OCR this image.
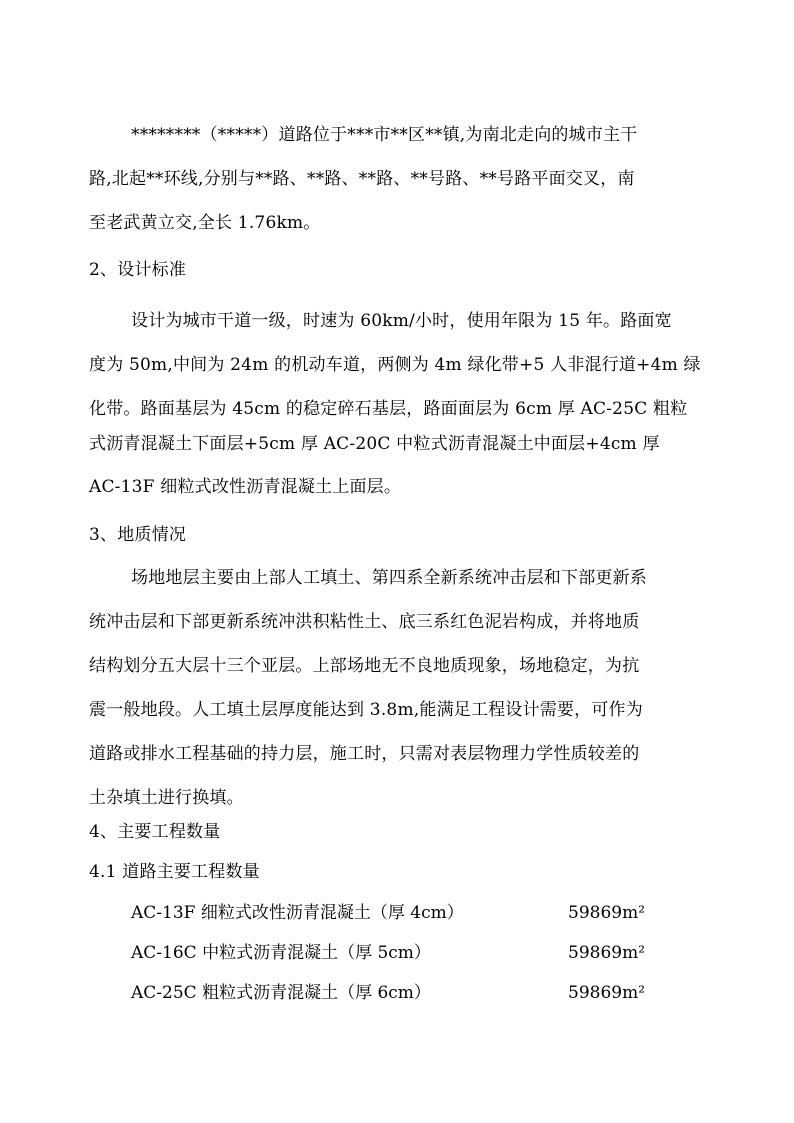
********（*****）道路位于***市**区**镇,为南北走向的城市主干
路,北起**环线,分别与**路、**路、**路、**号路、**号路平面交叉，南
至老武黄立交,全长 1.76km。
2、设计标准
设计为城市干道一级，时速为 60km/小时，使用年限为 15 年。路面宽
度为 50m,中间为 24m 的机动车道，两侧为 4m 绿化带+5 人非混行道+4m 绿
化带。路面基层为 45cm 的稳定碎石基层，路面面层为 6cm 厚 AC-25C 粗粒
式沥青混凝土下面层+5cm 厚 AC-20C 中粒式沥青混凝土中面层+4cm 厚
AC-13F 细粒式改性沥青混凝土上面层。
3、地质情况
场地地层主要由上部人工填土、第四系全新系统冲击层和下部更新系
统冲击层和下部更新系统冲洪积粘性土、底三系红色泥岩构成，并将地质
结构划分五大层十三个亚层。上部场地无不良地质现象，场地稳定，为抗
震一般地段。人工填土层厚度能达到 3.8m,能满足工程设计需要，可作为
道路或排水工程基础的持力层，施工时，只需对表层物理力学性质较差的
土杂填土进行换填。
4、主要工程数量
4.1 道路主要工程数量
AC-13F 细粒式改性沥青混凝土（厚 4cm）	59869m²
AC-16C 中粒式沥青混凝土（厚 5cm）	59869m²
AC-25C 粗粒式沥青混凝土（厚 6cm）	59869m²
